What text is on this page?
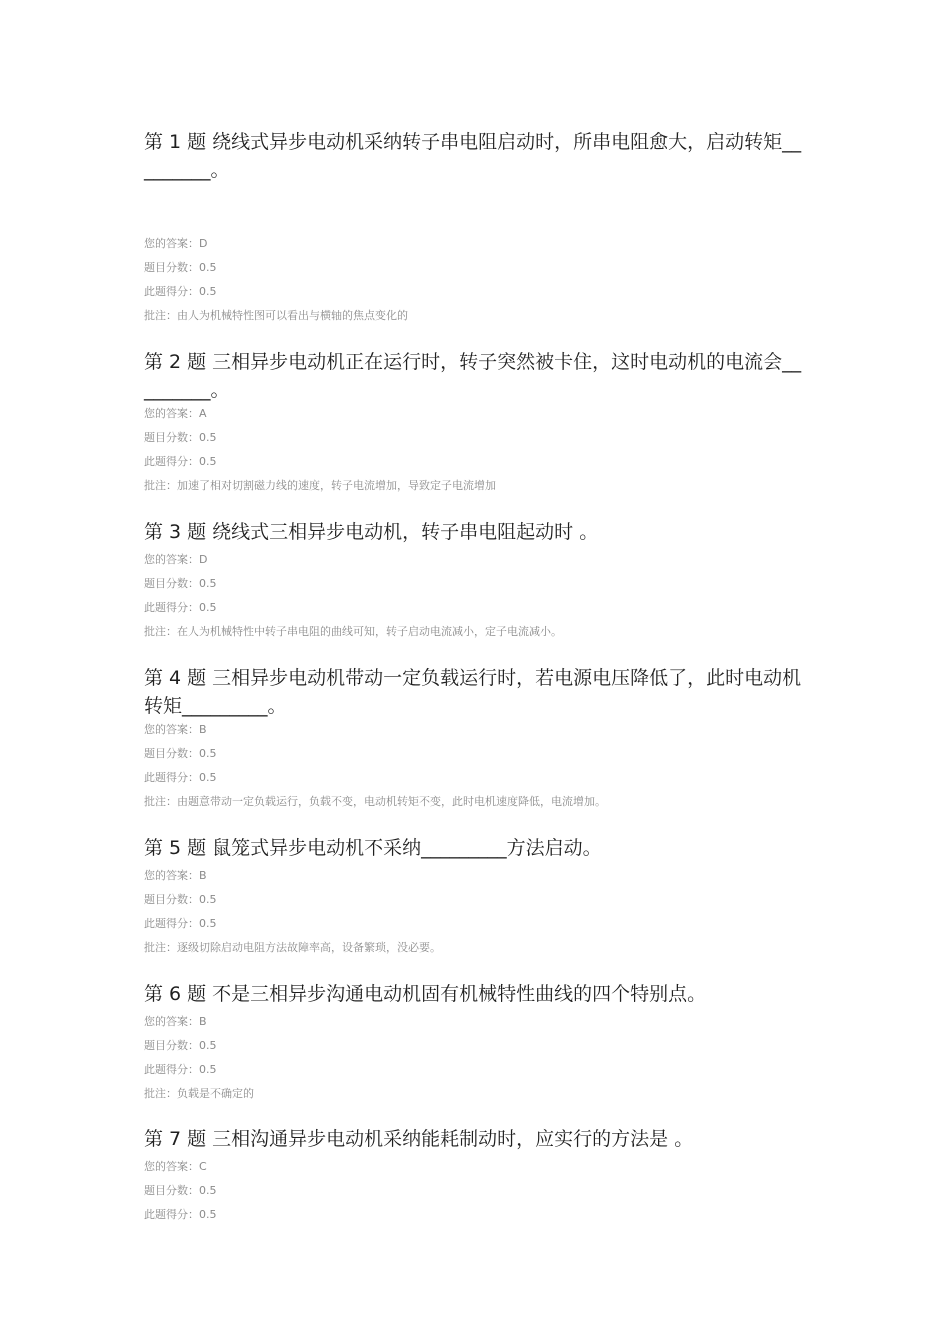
第 1 题 绕线式异步电动机采纳转子串电阻启动时，所串电阻愈大，启动转矩__
_______。

您的答案：D
题目分数：0.5
此题得分：0.5
批注：由人为机械特性图可以看出与横轴的焦点变化的

第 2 题 三相异步电动机正在运行时，转子突然被卡住，这时电动机的电流会__
_______。

您的答案：A
题目分数：0.5
此题得分：0.5
批注：加速了相对切割磁力线的速度，转子电流增加，导致定子电流增加

第 3 题 绕线式三相异步电动机，转子串电阻起动时 。

您的答案：D
题目分数：0.5
此题得分：0.5
批注：在人为机械特性中转子串电阻的曲线可知，转子启动电流减小，定子电流减小。

第 4 题 三相异步电动机带动一定负载运行时，若电源电压降低了，此时电动机
转矩_________。

您的答案：B
题目分数：0.5
此题得分：0.5
批注：由题意带动一定负载运行，负载不变，电动机转矩不变，此时电机速度降低，电流增加。

第 5 题 鼠笼式异步电动机不采纳_________方法启动。

您的答案：B
题目分数：0.5
此题得分：0.5
批注：逐级切除启动电阻方法故障率高，设备繁琐，没必要。

第 6 题 不是三相异步沟通电动机固有机械特性曲线的四个特别点。

您的答案：B
题目分数：0.5
此题得分：0.5
批注：负载是不确定的

第 7 题 三相沟通异步电动机采纳能耗制动时，应实行的方法是 。

您的答案：C
题目分数：0.5
此题得分：0.5
